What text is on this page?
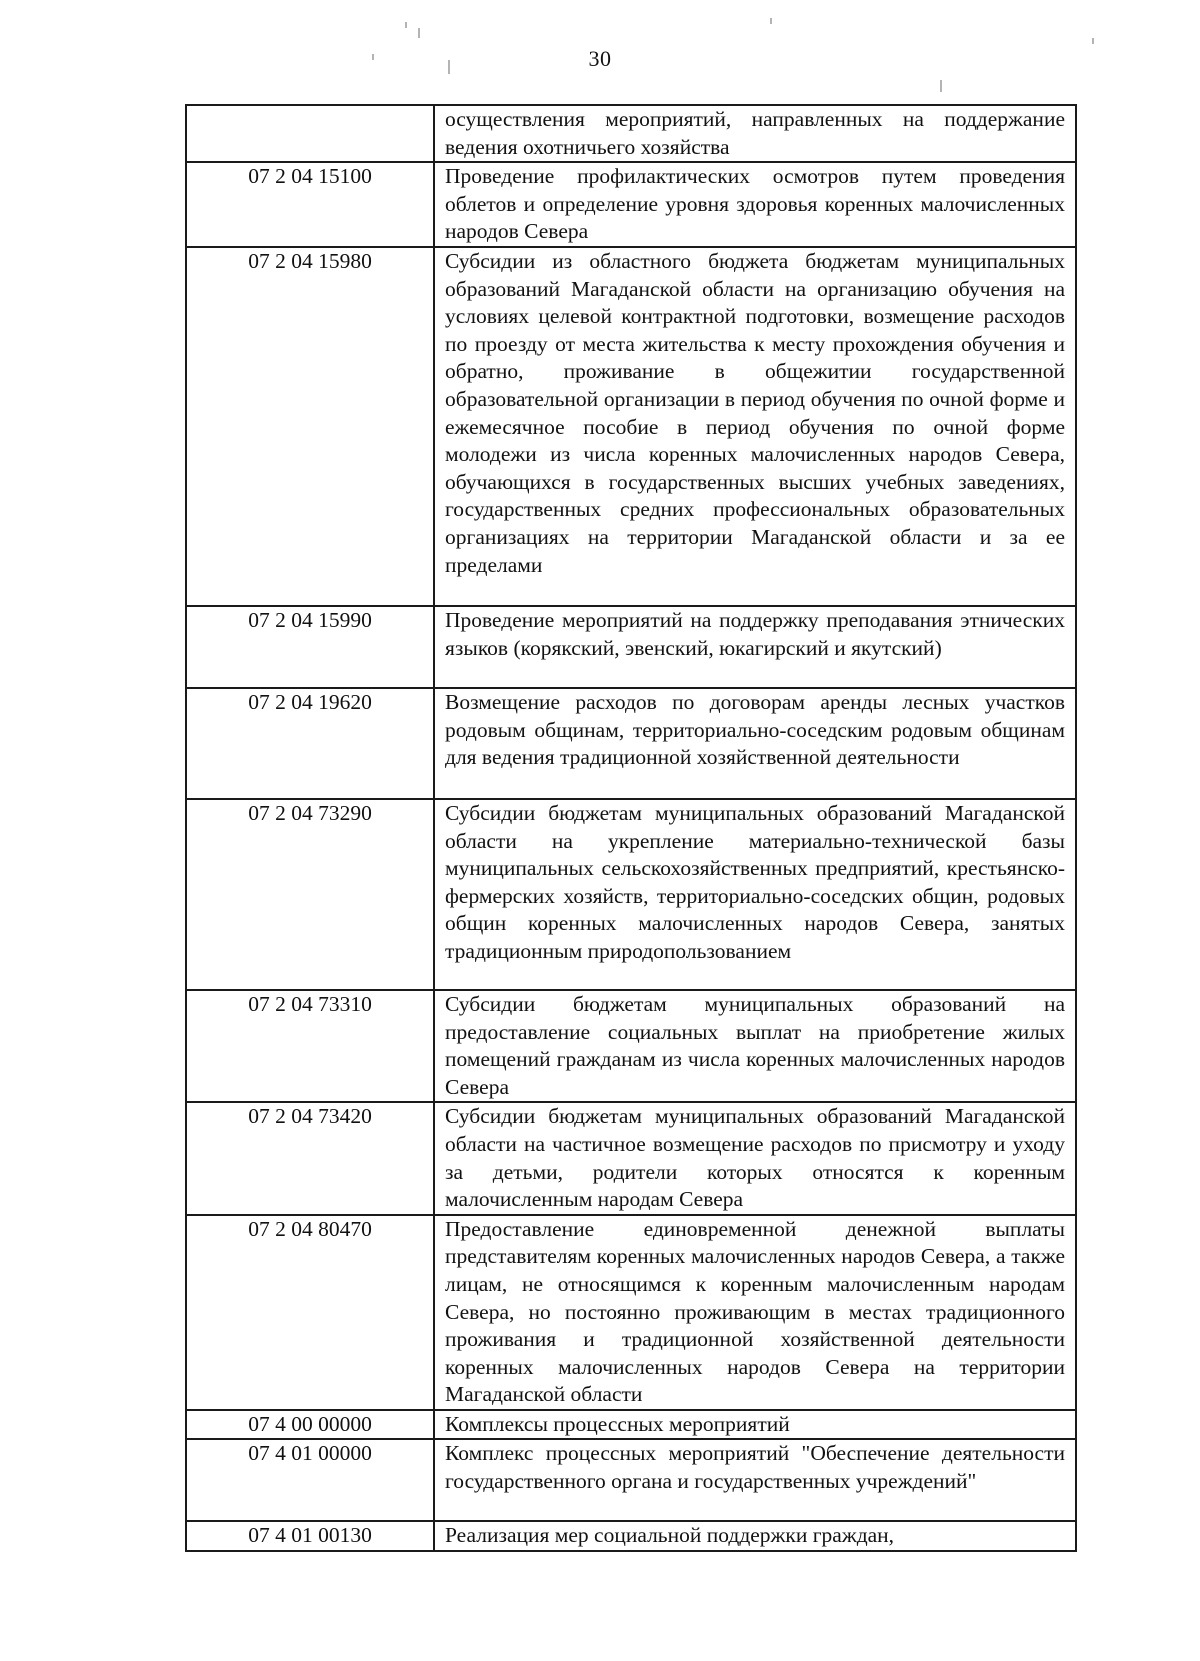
30
	осуществления мероприятий, направленных на поддержание ведения охотничьего хозяйства
07 2 04 15100	Проведение профилактических осмотров путем проведения облетов и определение уровня здоровья коренных малочисленных народов Севера
07 2 04 15980	Субсидии из областного бюджета бюджетам муниципальных образований Магаданской области на организацию обучения на условиях целевой контрактной подготовки, возмещение расходов по проезду от места жительства к месту прохождения обучения и обратно, проживание в общежитии государственной образовательной организации в период обучения по очной форме и ежемесячное пособие в период обучения по очной форме молодежи из числа коренных малочисленных народов Севера, обучающихся в государственных высших учебных заведениях, государственных средних профессиональных образовательных организациях на территории Магаданской области и за ее пределами
07 2 04 15990	Проведение мероприятий на поддержку преподавания этнических языков (корякский, эвенский, юкагирский и якутский)
07 2 04 19620	Возмещение расходов по договорам аренды лесных участков родовым общинам, территориально-соседским родовым общинам для ведения традиционной хозяйственной деятельности
07 2 04 73290	Субсидии бюджетам муниципальных образований Магаданской области на укрепление материально-технической базы муниципальных сельскохозяйственных предприятий, крестьянско-фермерских хозяйств, территориально-соседских общин, родовых общин коренных малочисленных народов Севера, занятых традиционным природопользованием
07 2 04 73310	Субсидии бюджетам муниципальных образований на предоставление социальных выплат на приобретение жилых помещений гражданам из числа коренных малочисленных народов Севера
07 2 04 73420	Субсидии бюджетам муниципальных образований Магаданской области на частичное возмещение расходов по присмотру и уходу за детьми, родители которых относятся к коренным малочисленным народам Севера
07 2 04 80470	Предоставление единовременной денежной выплаты представителям коренных малочисленных народов Севера, а также лицам, не относящимся к коренным малочисленным народам Севера, но постоянно проживающим в местах традиционного проживания и традиционной хозяйственной деятельности коренных малочисленных народов Севера на территории Магаданской области
07 4 00 00000	Комплексы процессных мероприятий
07 4 01 00000	Комплекс процессных мероприятий "Обеспечение деятельности государственного органа и государственных учреждений"
07 4 01 00130	Реализация мер социальной поддержки граждан,
